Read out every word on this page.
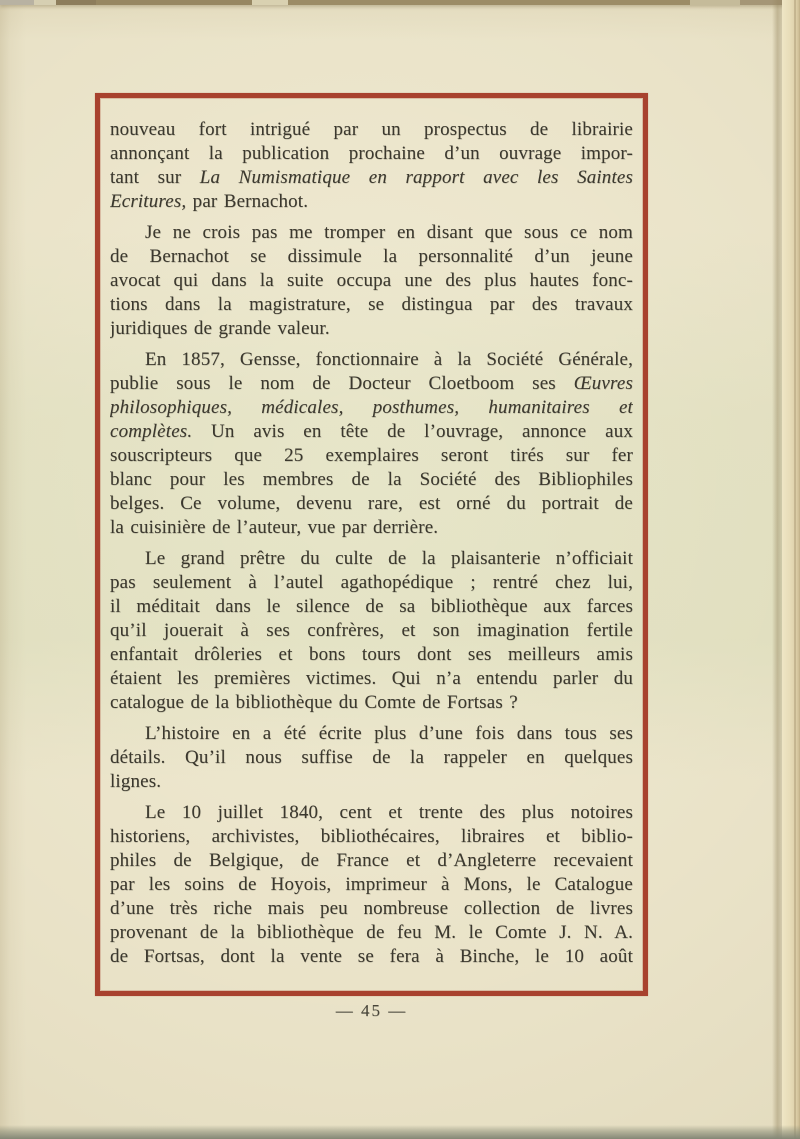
nouveau fort intrigué par un prospectus de librairie
annonçant la publication prochaine d’un ouvrage impor-
tant sur La Numismatique en rapport avec les Saintes
Ecritures, par Bernachot.
Je ne crois pas me tromper en disant que sous ce nom
de Bernachot se dissimule la personnalité d’un jeune
avocat qui dans la suite occupa une des plus hautes fonc-
tions dans la magistrature, se distingua par des travaux
juridiques de grande valeur.
En 1857, Gensse, fonctionnaire à la Société Générale,
publie sous le nom de Docteur Cloetboom ses Œuvres
philosophiques, médicales, posthumes, humanitaires et
complètes. Un avis en tête de l’ouvrage, annonce aux
souscripteurs que 25 exemplaires seront tirés sur fer
blanc pour les membres de la Société des Bibliophiles
belges. Ce volume, devenu rare, est orné du portrait de
la cuisinière de l’auteur, vue par derrière.
Le grand prêtre du culte de la plaisanterie n’officiait
pas seulement à l’autel agathopédique ; rentré chez lui,
il méditait dans le silence de sa bibliothèque aux farces
qu’il jouerait à ses confrères, et son imagination fertile
enfantait drôleries et bons tours dont ses meilleurs amis
étaient les premières victimes. Qui n’a entendu parler du
catalogue de la bibliothèque du Comte de Fortsas ?
L’histoire en a été écrite plus d’une fois dans tous ses
détails. Qu’il nous suffise de la rappeler en quelques
lignes.
Le 10 juillet 1840, cent et trente des plus notoires
historiens, archivistes, bibliothécaires, libraires et biblio-
philes de Belgique, de France et d’Angleterre recevaient
par les soins de Hoyois, imprimeur à Mons, le Catalogue
d’une très riche mais peu nombreuse collection de livres
provenant de la bibliothèque de feu M. le Comte J. N. A.
de Fortsas, dont la vente se fera à Binche, le 10 août
— 45 —
